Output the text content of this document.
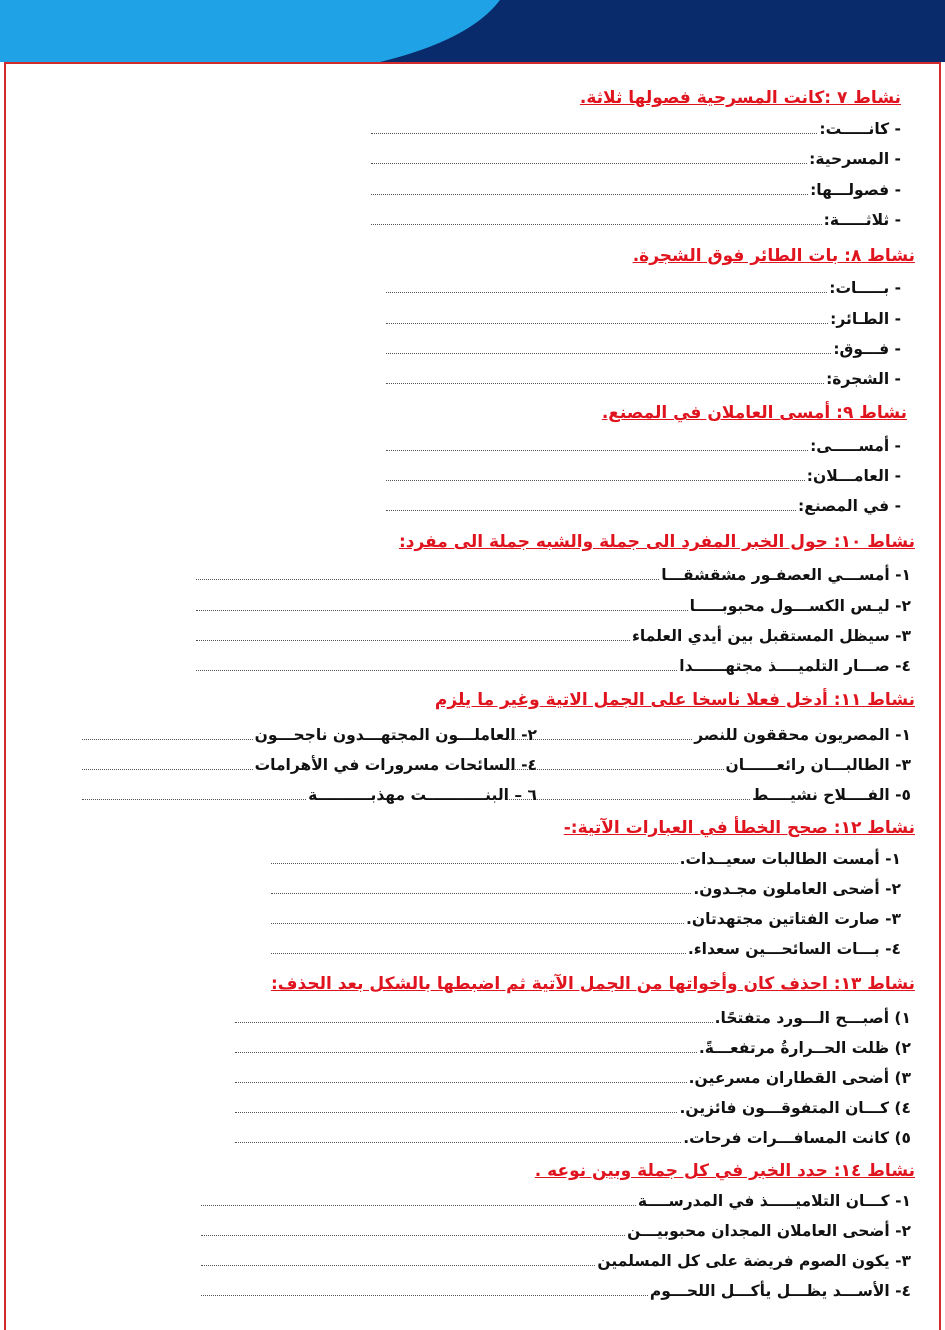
نشاط ٧ :كانت المسرحية فصولها ثلاثة.
- كانـــــت:
- المسرحية:
- فصولـــها:
- ثلاثـــــة:
نشاط ٨: بات الطائر فوق الشجرة.
- بـــــات:
- الطـائر:
- فـــوق:
- الشجرة:
نشاط ٩: أمسى العاملان في المصنع.
- أمســـــى:
- العامـــلان:
- في المصنع:
نشاط ١٠: حول الخبر المفرد الى جملة والشبه جملة الى مفرد:
١- أمســـي العصفـور مشقشقـــا
٢- ليـس الكســـول محبوبـــــا
٣- سيظل المستقبل بين أيدي العلماء
٤- صـــار التلميــــذ مجتهــــــدا
نشاط ١١: أدخل فعلا ناسخا على الجمل الاتية وغير ما يلزم
١- المصريون محققون للنصر
٣- الطالبـــان رائعــــــان
٥- الفــــلاح نشيــــط
٢- العاملـــون المجتهـــدون ناجحـــون
٤- السائحات مسرورات في الأهرامات
٦ – البنـــــــــــت مهذبــــــــــة
نشاط ١٢: صحح الخطأ في العبارات الآتية:-
١- أمست الطالبات سعيــدات.
٢- أضحى العاملون مجـدون.
٣- صارت الفتاتين مجتهدتان.
٤- بـــات السائحـــين سعداء.
نشاط ١٣: احذف كان وأخواتها من الجمل الآتية ثم اضبطها بالشكل بعد الحذف:
١) أصبـــح الـــورد متفتحًا.
٢) ظلت الحــرارةُ مرتفعـــةً.
٣) أضحى القطاران مسرعين.
٤) كـــان المتفوقـــون فائزين.
٥) كانت المسافـــرات فرحات.
نشاط ١٤: حدد الخبر في كل جملة وبين نوعه .
١- كـــان التلاميـــــذ في المدرســــة
٢- أضحى العاملان المجدان محبوبيـــن
٣- يكون الصوم فريضة على كل المسلمين
٤- الأســـد يظـــل يأكـــل اللحـــوم
